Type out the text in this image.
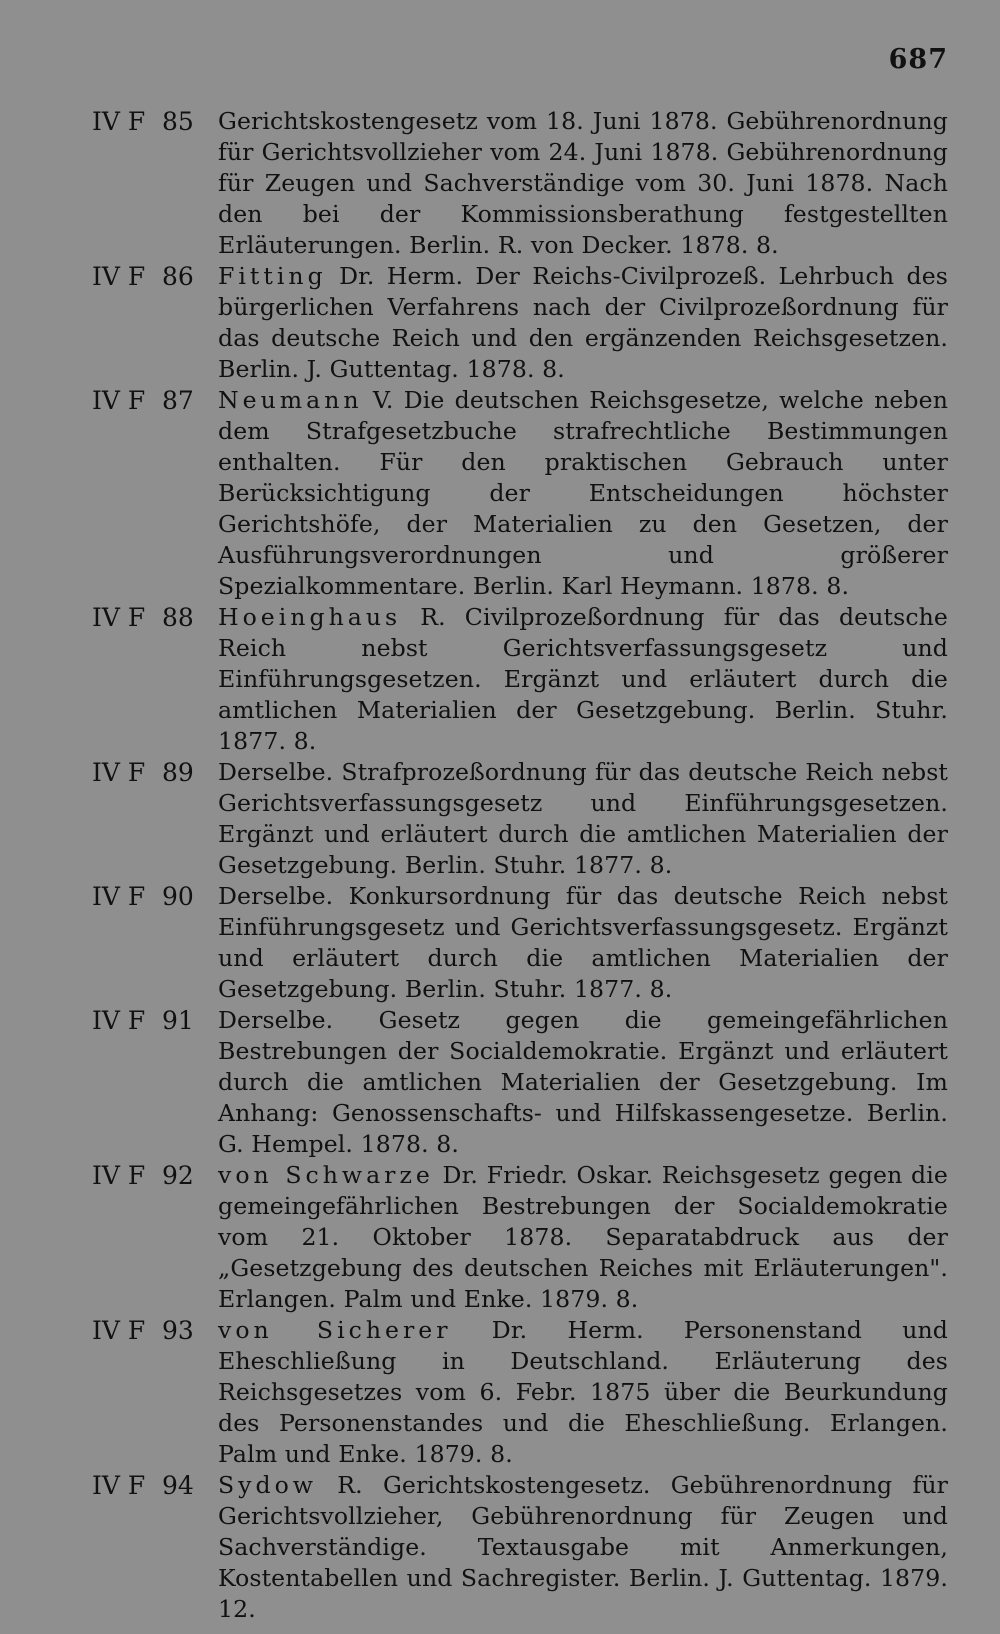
687
IV F 85	Gerichtskostengesetz vom 18. Juni 1878. Gebührenordnung für Gerichtsvollzieher vom 24. Juni 1878. Gebührenordnung für Zeugen und Sachverständige vom 30. Juni 1878. Nach den bei der Kommissionsberathung festgestellten Erläuterungen. Berlin. R. von Decker. 1878. 8.
IV F 86	Fitting Dr. Herm. Der Reichs-Civilprozeß. Lehrbuch des bürgerlichen Verfahrens nach der Civilprozeßordnung für das deutsche Reich und den ergänzenden Reichsgesetzen. Berlin. J. Guttentag. 1878. 8.
IV F 87	Neumann V. Die deutschen Reichsgesetze, welche neben dem Strafgesetzbuche strafrechtliche Bestimmungen enthalten. Für den praktischen Gebrauch unter Berücksichtigung der Entscheidungen höchster Gerichtshöfe, der Materialien zu den Gesetzen, der Ausführungsverordnungen und größerer Spezialkommentare. Berlin. Karl Heymann. 1878. 8.
IV F 88	Hoeinghaus R. Civilprozeßordnung für das deutsche Reich nebst Gerichtsverfassungsgesetz und Einführungsgesetzen. Ergänzt und erläutert durch die amtlichen Materialien der Gesetzgebung. Berlin. Stuhr. 1877. 8.
IV F 89	Derselbe. Strafprozeßordnung für das deutsche Reich nebst Gerichtsverfassungsgesetz und Einführungsgesetzen. Ergänzt und erläutert durch die amtlichen Materialien der Gesetzgebung. Berlin. Stuhr. 1877. 8.
IV F 90	Derselbe. Konkursordnung für das deutsche Reich nebst Einführungsgesetz und Gerichtsverfassungsgesetz. Ergänzt und erläutert durch die amtlichen Materialien der Gesetzgebung. Berlin. Stuhr. 1877. 8.
IV F 91	Derselbe. Gesetz gegen die gemeingefährlichen Bestrebungen der Socialdemokratie. Ergänzt und erläutert durch die amtlichen Materialien der Gesetzgebung. Im Anhang: Genossenschafts- und Hilfskassengesetze. Berlin. G. Hempel. 1878. 8.
IV F 92	von Schwarze Dr. Friedr. Oskar. Reichsgesetz gegen die gemeingefährlichen Bestrebungen der Socialdemokratie vom 21. Oktober 1878. Separatabdruck aus der „Gesetzgebung des deutschen Reiches mit Erläuterungen". Erlangen. Palm und Enke. 1879. 8.
IV F 93	von Sicherer Dr. Herm. Personenstand und Eheschließung in Deutschland. Erläuterung des Reichsgesetzes vom 6. Febr. 1875 über die Beurkundung des Personenstandes und die Eheschließung. Erlangen. Palm und Enke. 1879. 8.
IV F 94	Sydow R. Gerichtskostengesetz. Gebührenordnung für Gerichtsvollzieher, Gebührenordnung für Zeugen und Sachverständige. Textausgabe mit Anmerkungen, Kostentabellen und Sachregister. Berlin. J. Guttentag. 1879. 12.
